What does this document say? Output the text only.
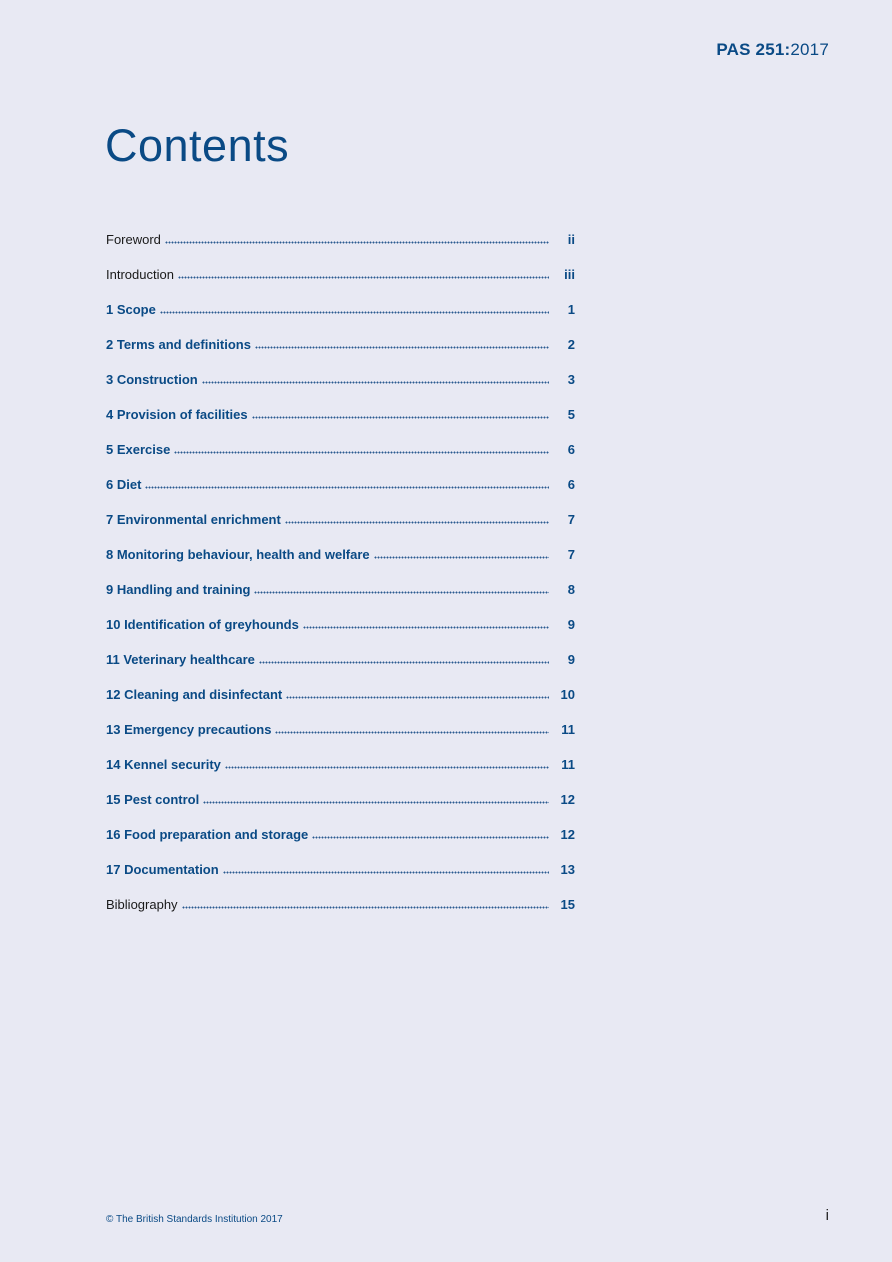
PAS 251:2017
Contents
Foreword	ii
Introduction	iii
1 Scope	1
2 Terms and definitions	2
3 Construction	3
4 Provision of facilities	5
5 Exercise	6
6 Diet	6
7 Environmental enrichment	7
8 Monitoring behaviour, health and welfare	7
9 Handling and training	8
10 Identification of greyhounds	9
11 Veterinary healthcare	9
12 Cleaning and disinfectant	10
13 Emergency precautions	11
14 Kennel security	11
15 Pest control	12
16 Food preparation and storage	12
17 Documentation	13
Bibliography	15
© The British Standards Institution 2017	i
